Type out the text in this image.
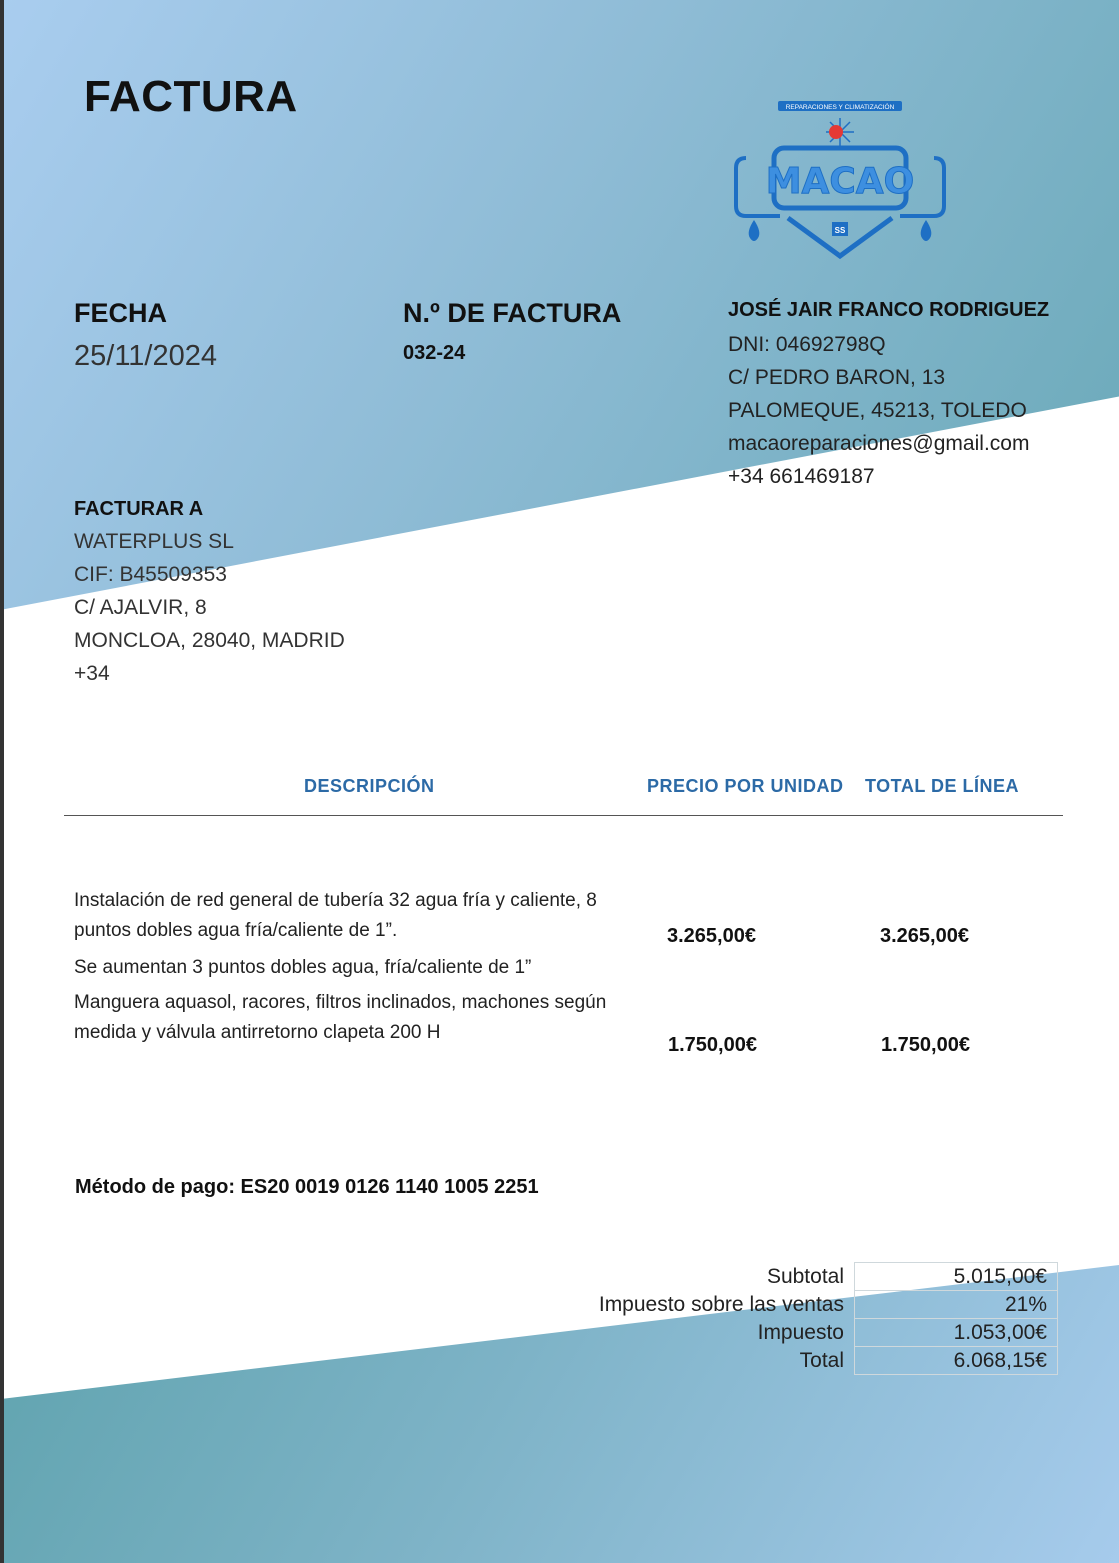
FACTURA	REPARACIONES Y CLIMATIZACIÓN
MACAO
SS
FECHA
25/11/2024
N.º DE FACTURA
032-24
JOSÉ JAIR FRANCO RODRIGUEZ
DNI: 04692798Q
C/ PEDRO BARON, 13
PALOMEQUE, 45213, TOLEDO
macaoreparaciones@gmail.com
+34 661469187
FACTURAR A
WATERPLUS SL
CIF: B45509353
C/ AJALVIR, 8
MONCLOA, 28040, MADRID
+34
DESCRIPCIÓN	PRECIO POR UNIDAD TOTAL DE LÍNEA
Instalación de red general de tubería 32 agua fría y caliente, 8 puntos dobles agua fría/caliente de 1”.	3.265,00€	3.265,00€
Se aumentan 3 puntos dobles agua, fría/caliente de 1”
Manguera aquasol, racores, filtros inclinados, machones según medida y válvula antirretorno clapeta 200 H
1.750,00€	1.750,00€
Método de pago: ES20 0019 0126 1140 1005 2251
Subtotal	5.015,00€
Impuesto sobre las ventas	21%
Impuesto	1.053,00€
Total	6.068,15€
